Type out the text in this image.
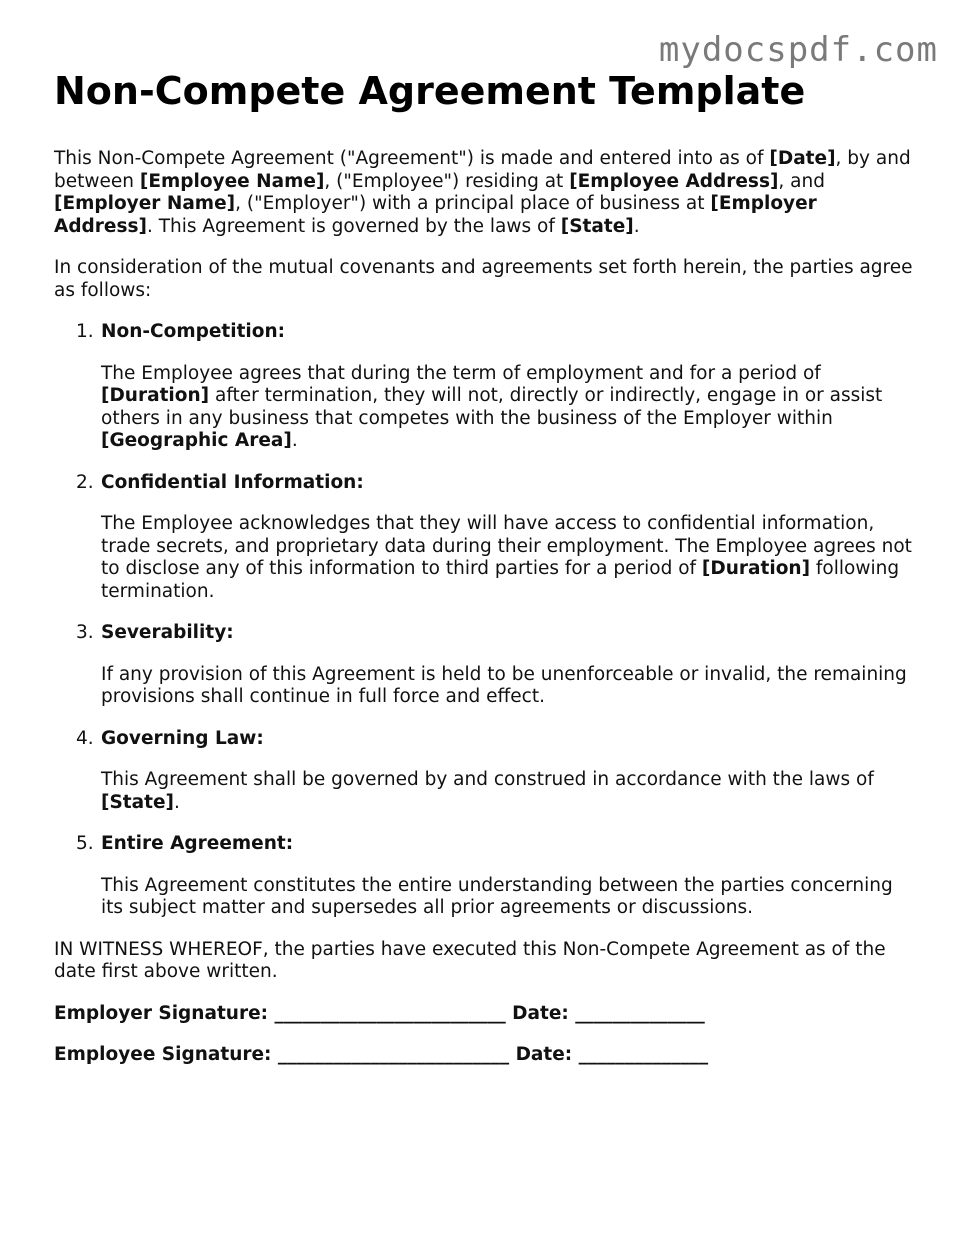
mydocspdf.com
Non-Compete Agreement Template

This Non-Compete Agreement ("Agreement") is made and entered into as of [Date], by and between [Employee Name], ("Employee") residing at [Employee Address], and [Employer Name], ("Employer") with a principal place of business at [Employer Address]. This Agreement is governed by the laws of [State].

In consideration of the mutual covenants and agreements set forth herein, the parties agree as follows:

1. Non-Competition:

The Employee agrees that during the term of employment and for a period of [Duration] after termination, they will not, directly or indirectly, engage in or assist others in any business that competes with the business of the Employer within [Geographic Area].

2. Confidential Information:

The Employee acknowledges that they will have access to confidential information, trade secrets, and proprietary data during their employment. The Employee agrees not to disclose any of this information to third parties for a period of [Duration] following termination.

3. Severability:

If any provision of this Agreement is held to be unenforceable or invalid, the remaining provisions shall continue in full force and effect.

4. Governing Law:

This Agreement shall be governed by and construed in accordance with the laws of [State].

5. Entire Agreement:

This Agreement constitutes the entire understanding between the parties concerning its subject matter and supersedes all prior agreements or discussions.

IN WITNESS WHEREOF, the parties have executed this Non-Compete Agreement as of the date first above written.

Employer Signature: _________________________ Date: ______________

Employee Signature: _________________________ Date: ______________
